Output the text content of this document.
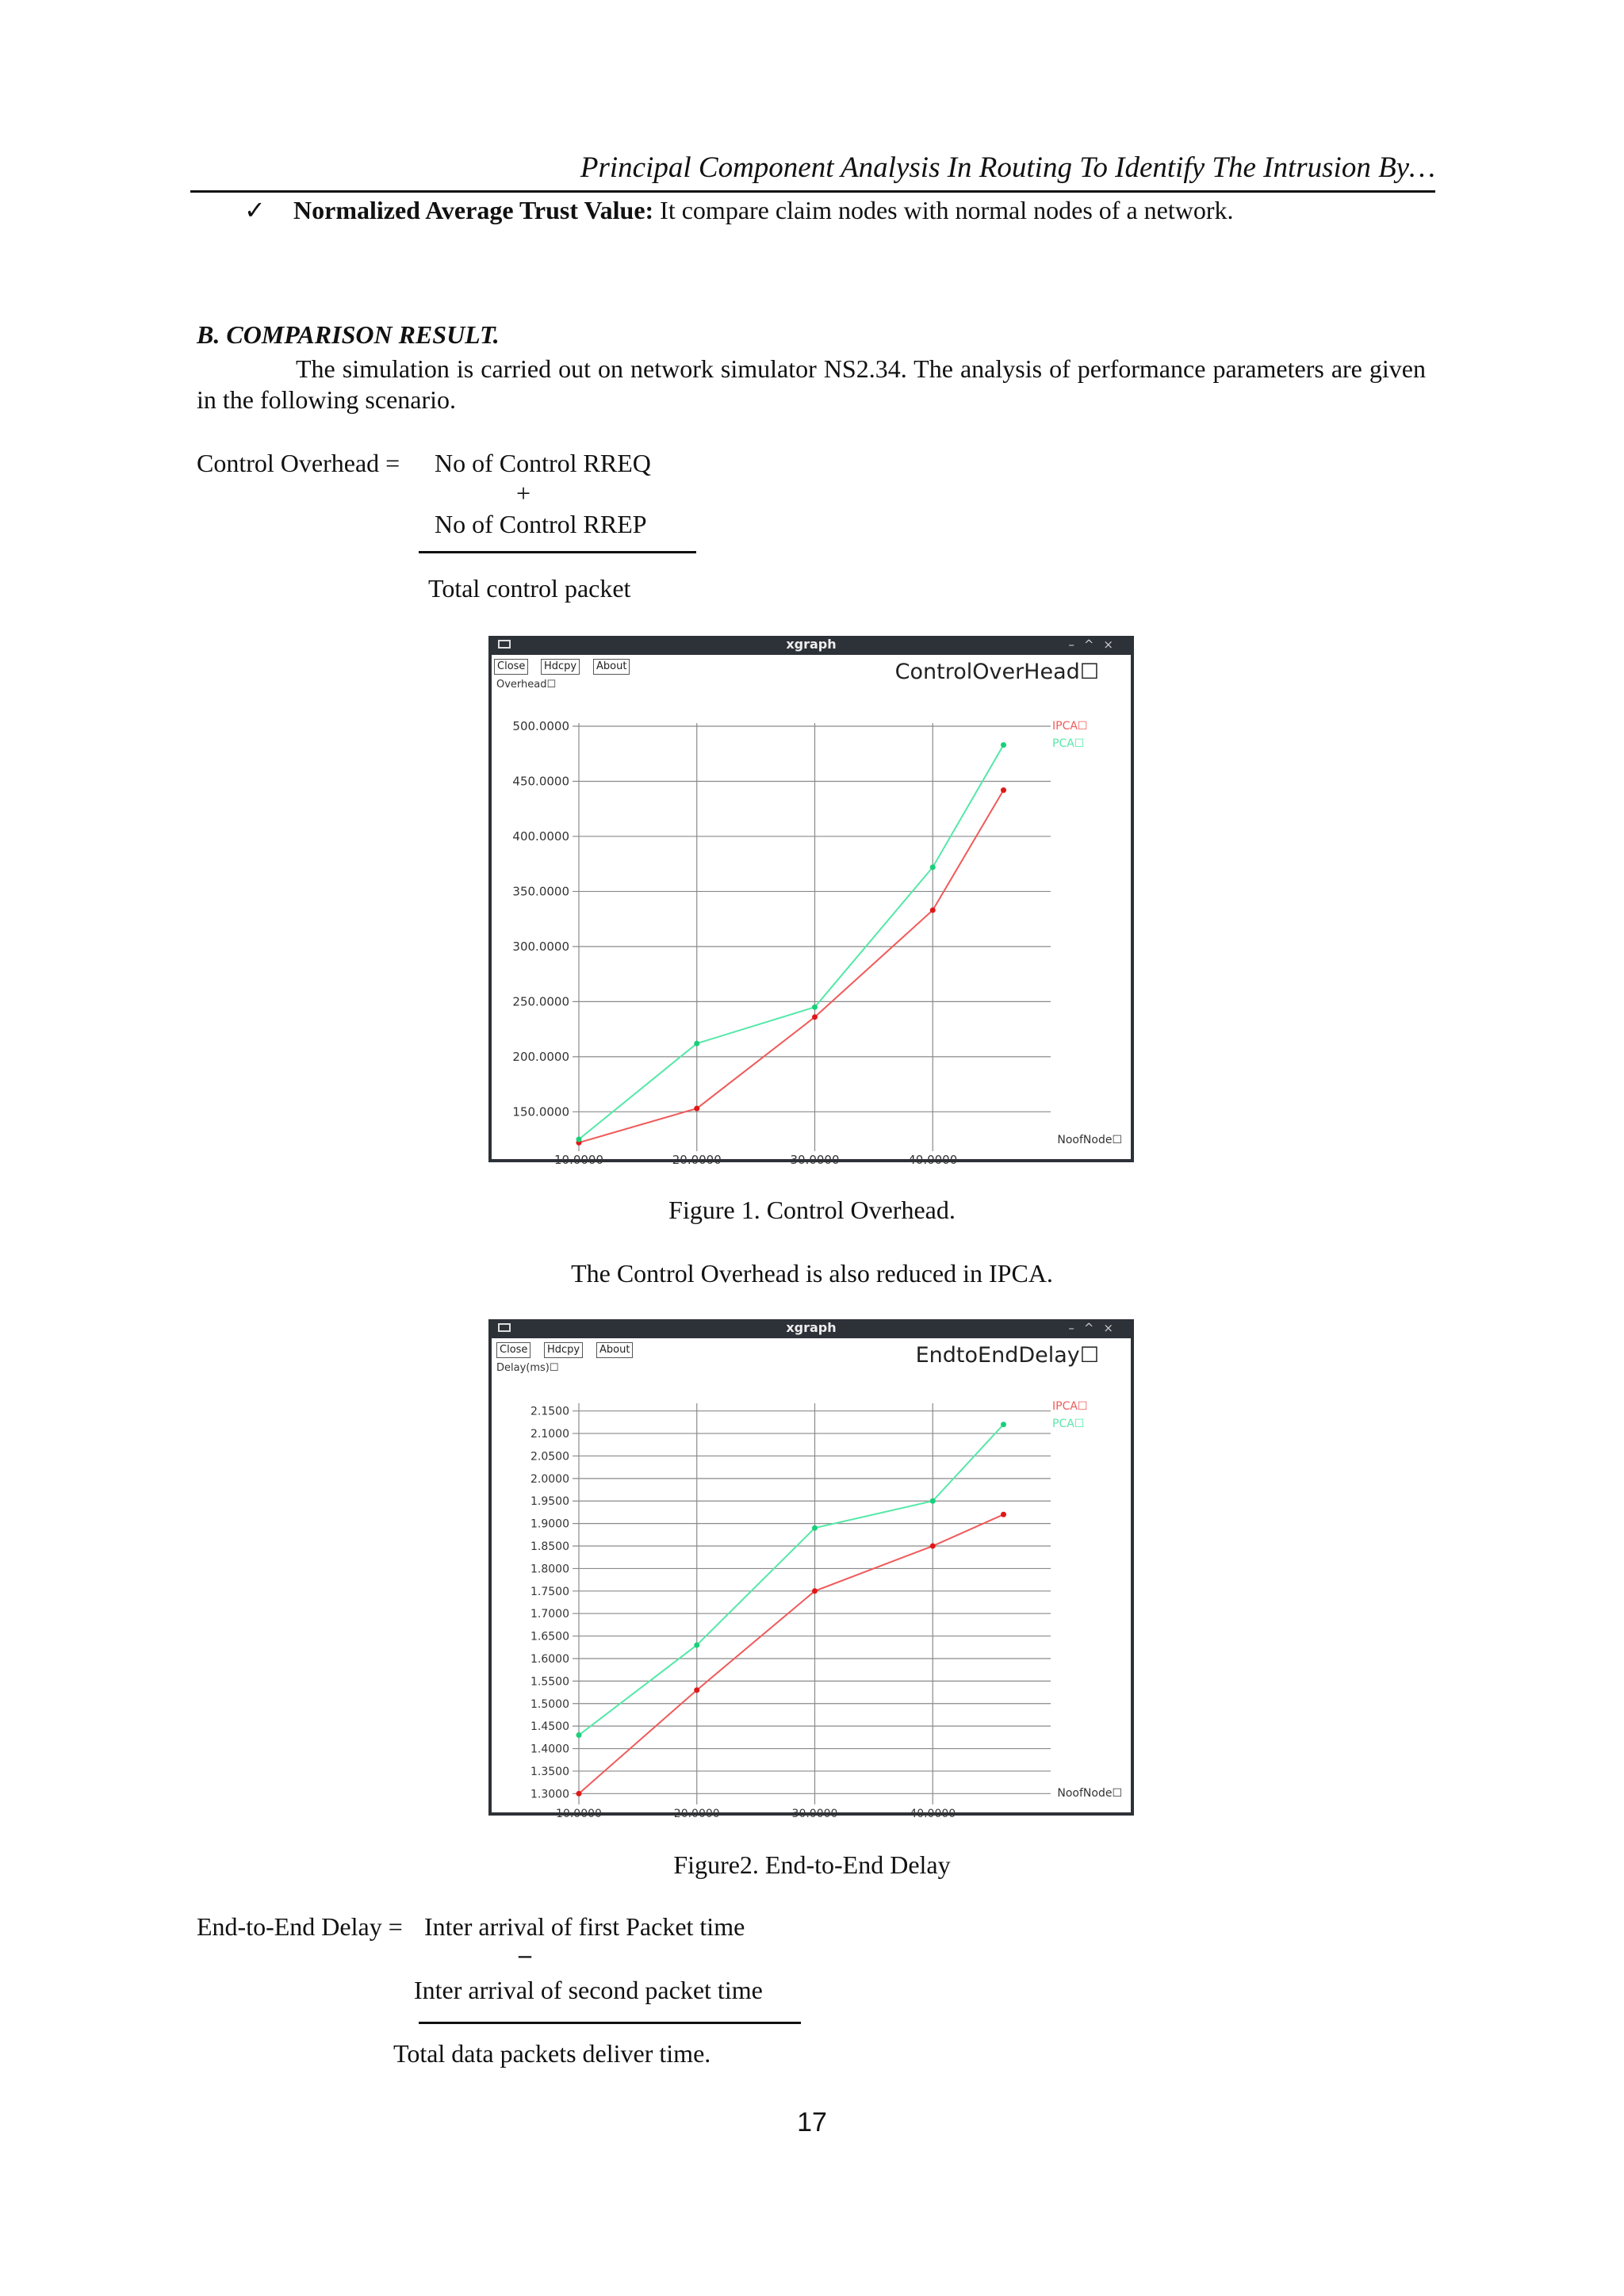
Principal Component Analysis In Routing To Identify The Intrusion By…
✓ Normalized Average Trust Value: It compare claim nodes with normal nodes of a network.
B. COMPARISON RESULT.
The simulation is carried out on network simulator NS2.34. The analysis of performance parameters are given in the following scenario.
Control Overhead = No of Control RREQ
+
No of Control RREP
Total control packet
xgraph	–^×
Close	Hdcpy	About	ControlOverHead☐
Overhead☐
150.0000
200.0000
250.0000
300.0000
350.0000
400.0000
450.0000
500.0000
10.0000	20.0000	30.0000	40.0000
NoofNode☐
IPCA☐
PCA☐
Figure 1. Control Overhead.
The Control Overhead is also reduced in IPCA.
xgraph	–^×
Close	Hdcpy	About	EndtoEndDelay☐
Delay(ms)☐
1.3000
1.3500
1.4000
1.4500
1.5000
1.5500
1.6000
1.6500
1.7000
1.7500
1.8000
1.8500
1.9000
1.9500
2.0000
2.0500
2.1000
2.1500
10.0000	20.0000	30.0000	40.0000
NoofNode☐
IPCA☐
PCA☐
Figure2. End-to-End Delay
End-to-End Delay = Inter arrival of first Packet time
–
Inter arrival of second packet time
Total data packets deliver time.
17
